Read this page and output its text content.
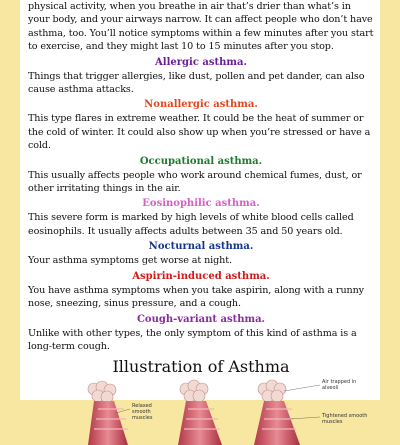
physical activity, when you breathe in air that’s drier than what’s in your body, and your airways narrow. It can affect people who don’t have asthma, too. You’ll notice symptoms within a few minutes after you start to exercise, and they might last 10 to 15 minutes after you stop.

Allergic asthma.

Things that trigger allergies, like dust, pollen and pet dander, can also cause asthma attacks.

Nonallergic asthma.

This type flares in extreme weather. It could be the heat of summer or the cold of winter. It could also show up when you’re stressed or have a cold.

Occupational asthma.

This usually affects people who work around chemical fumes, dust, or other irritating things in the air.

Eosinophilic asthma.

This severe form is marked by high levels of white blood cells called eosinophils. It usually affects adults between 35 and 50 years old.

Nocturnal asthma.

Your asthma symptoms get worse at night.

Aspirin-induced asthma.

You have asthma symptoms when you take aspirin, along with a runny nose, sneezing, sinus pressure, and a cough.

Cough-variant asthma.

Unlike with other types, the only symptom of this kind of asthma is a long-term cough.

Illustration of Asthma
Relaxed smooth muscles
Air trapped in alveoli
Tightened smooth muscles
